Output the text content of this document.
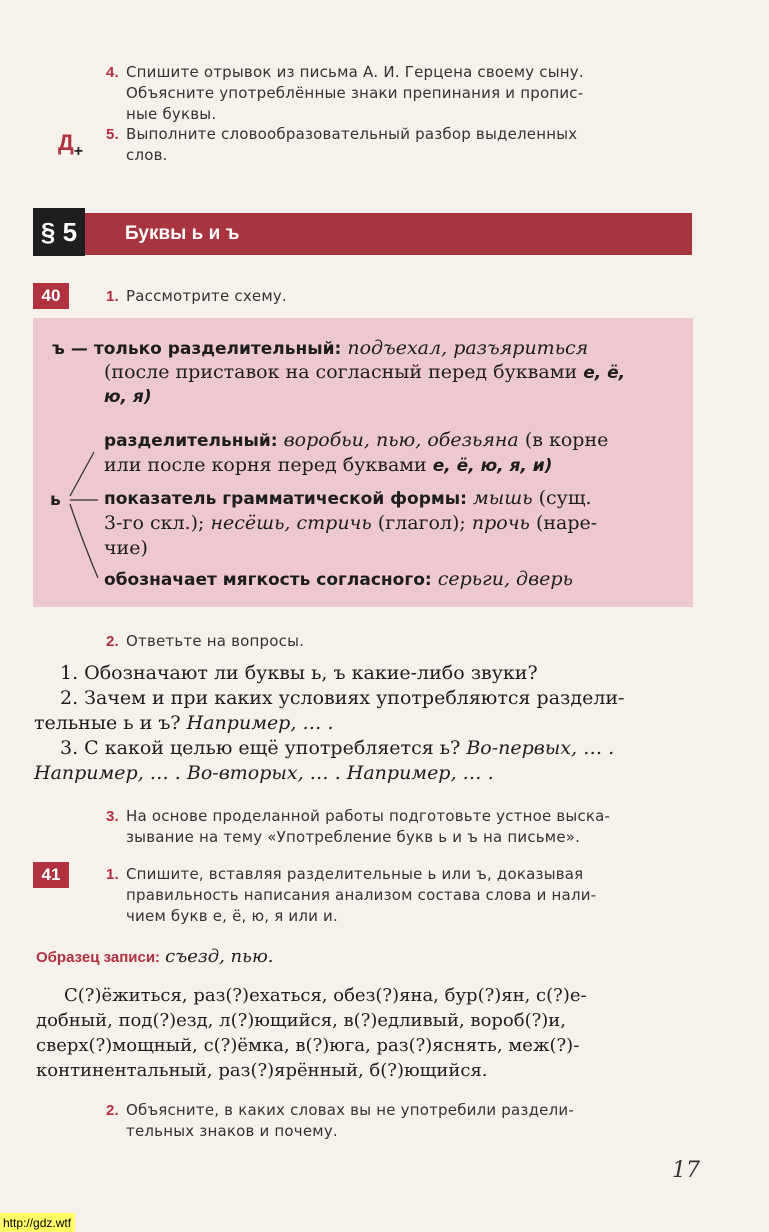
4. Спишите отрывок из письма А. И. Герцена своему сыну.
Объясните употреблённые знаки препинания и пропис-
ные буквы.
$Д_+$
5. Выполните словообразовательный разбор выделенных
слов.
§ 5	Буквы ь и ъ
40	1. Рассмотрите схему.
ъ — только разделительный: подъехал, разъяриться
(после приставок на согласный перед буквами е, ё,
ю, я)
ь
разделительный: воробьи, пью, обезьяна (в корне
или после корня перед буквами е, ё, ю, я, и)
показатель грамматической формы: мышь (сущ.
3-го скл.); несёшь, стричь (глагол); прочь (наре-
чие)
обозначает мягкость согласного: серьги, дверь
2. Ответьте на вопросы.
1. Обозначают ли буквы ь, ъ какие-либо звуки?
2. Зачем и при каких условиях употребляются раздели-
тельные ь и ъ? Например, … .
3. С какой целью ещё употребляется ь? Во-первых, … .
Например, … . Во-вторых, … . Например, … .
3. На основе проделанной работы подготовьте устное выска-
зывание на тему «Употребление букв ь и ъ на письме».
41	1. Спишите, вставляя разделительные ь или ъ, доказывая
правильность написания анализом состава слова и нали-
чием букв е, ё, ю, я или и.
Образец записи: съезд, пью.
С(?)ёжиться, раз(?)ехаться, обез(?)яна, бур(?)ян, с(?)е-
добный, под(?)езд, л(?)ющийся, в(?)едливый, вороб(?)и,
сверх(?)мощный, с(?)ёмка, в(?)юга, раз(?)яснять, меж(?)-
континентальный, раз(?)ярённый, б(?)ющийся.
2. Объясните, в каких словах вы не употребили раздели-
тельных знаков и почему.
17
http://gdz.wtf
